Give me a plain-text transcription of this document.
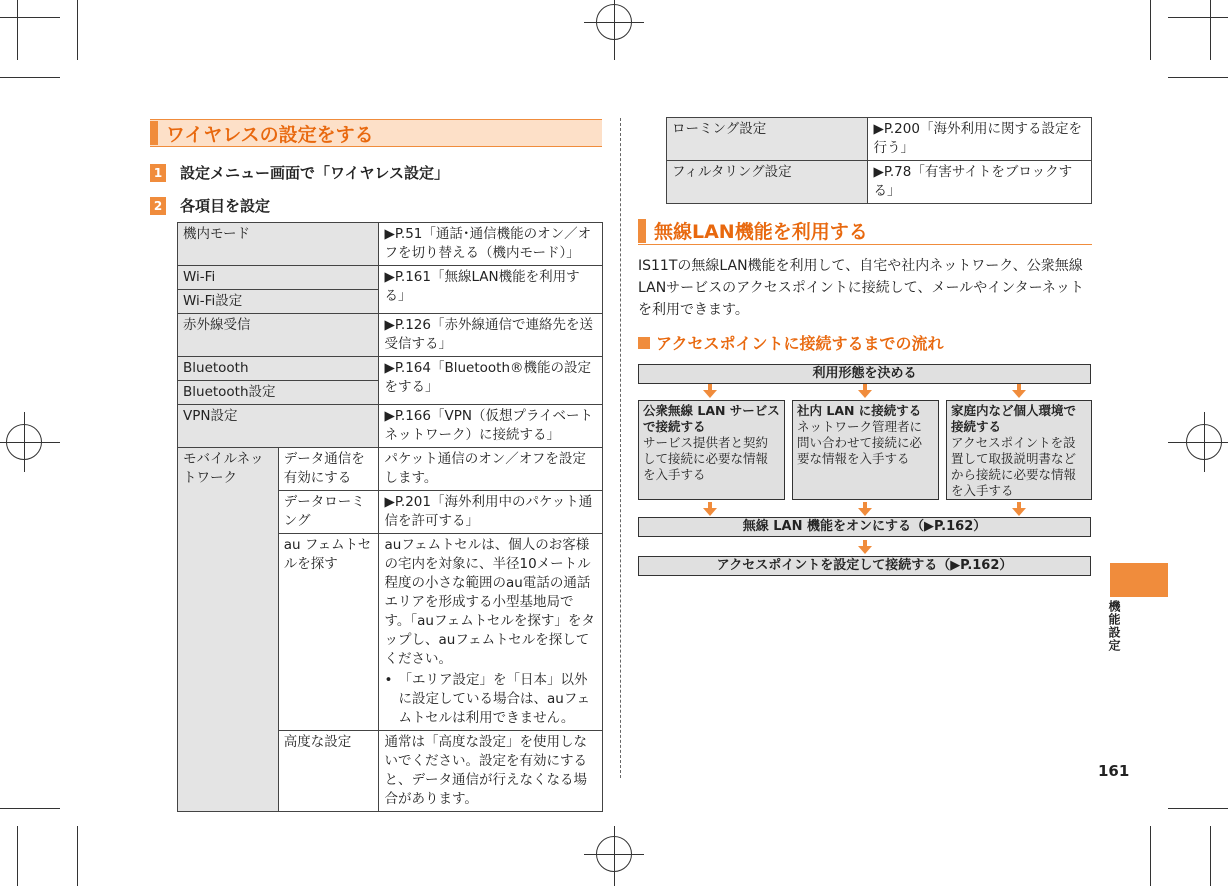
ワイヤレスの設定をする
1 設定メニュー画面で「ワイヤレス設定」
2 各項目を設定
機内モード		▶P.51「通話･通信機能のオン／オフを切り替える（機内モード）」
Wi-Fi		▶P.161「無線LAN機能を利用する」
Wi-Fi設定		
赤外線受信		▶P.126「赤外線通信で連絡先を送受信する」
Bluetooth		▶P.164「Bluetooth®機能の設定をする」
Bluetooth設定		
VPN設定		▶P.166「VPN（仮想プライベートネットワーク）に接続する」
モバイルネットワーク	データ通信を有効にする	パケット通信のオン／オフを設定します。
	データローミング	▶P.201「海外利用中のパケット通信を許可する」
	au フェムトセルを探す	auフェムトセルは、個人のお客様の宅内を対象に、半径10メートル程度の小さな範囲のau電話の通話エリアを形成する小型基地局です。「auフェムトセルを探す」をタップし、auフェムトセルを探してください。
• 「エリア設定」を「日本」以外に設定している場合は、auフェムトセルは利用できません。

	高度な設定	通常は「高度な設定」を使用しないでください。設定を有効にすると、データ通信が行えなくなる場合があります。
ローミング設定	▶P.200「海外利用に関する設定を行う」
フィルタリング設定	▶P.78「有害サイトをブロックする」
無線LAN機能を利用する
IS11Tの無線LAN機能を利用して、自宅や社内ネットワーク、公衆無線LANサービスのアクセスポイントに接続して、メールやインターネットを利用できます。
アクセスポイントに接続するまでの流れ
利用形態を決める
公衆無線 LAN サービスで接続する
サービス提供者と契約して接続に必要な情報を入手する
社内 LAN に接続する
ネットワーク管理者に問い合わせて接続に必要な情報を入手する
家庭内など個人環境で接続する
アクセスポイントを設置して取扱説明書などから接続に必要な情報を入手する
無線 LAN 機能をオンにする（▶P.162）
アクセスポイントを設定して接続する（▶P.162）
機能設定
161
